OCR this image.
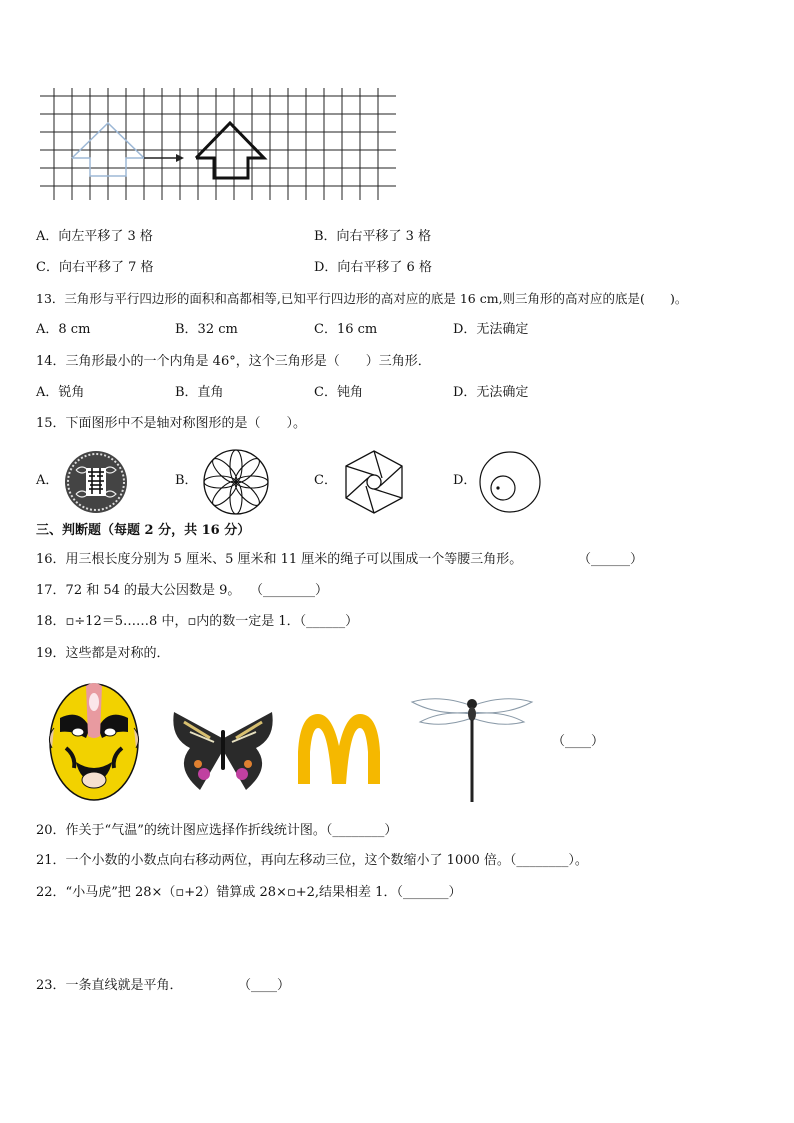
A．向左平移了 3 格	B．向右平移了 3 格
C．向右平移了 7 格	D．向右平移了 6 格
13．三角形与平行四边形的面积和高都相等,已知平行四边形的高对应的底是 16 cm,则三角形的高对应的底是(　　)。
A．8 cm	B．32 cm	C．16 cm	D．无法确定
14．三角形最小的一个内角是 46°，这个三角形是（　　）三角形．
A．锐角	B．直角	C．钝角	D．无法确定
15．下面图形中不是轴对称图形的是（　　）。
A．	B．	C．	D．
三、判断题（每题 2 分，共 16 分）
16．用三根长度分别为 5 厘米、5 厘米和 11 厘米的绳子可以围成一个等腰三角形。	（______）
17．72 和 54 的最大公因数是 9。 （________）
18．▫÷12＝5……8 中，▫内的数一定是 1．（______）
19．这些都是对称的．
（____）
20．作关于“气温”的统计图应选择作折线统计图。（________）
21．一个小数的小数点向右移动两位，再向左移动三位，这个数缩小了 1000 倍。（________）。
22．“小马虎”把 28×（▫+2）错算成 28×▫+2,结果相差 1．（_______）
23．一条直线就是平角．	（____）
